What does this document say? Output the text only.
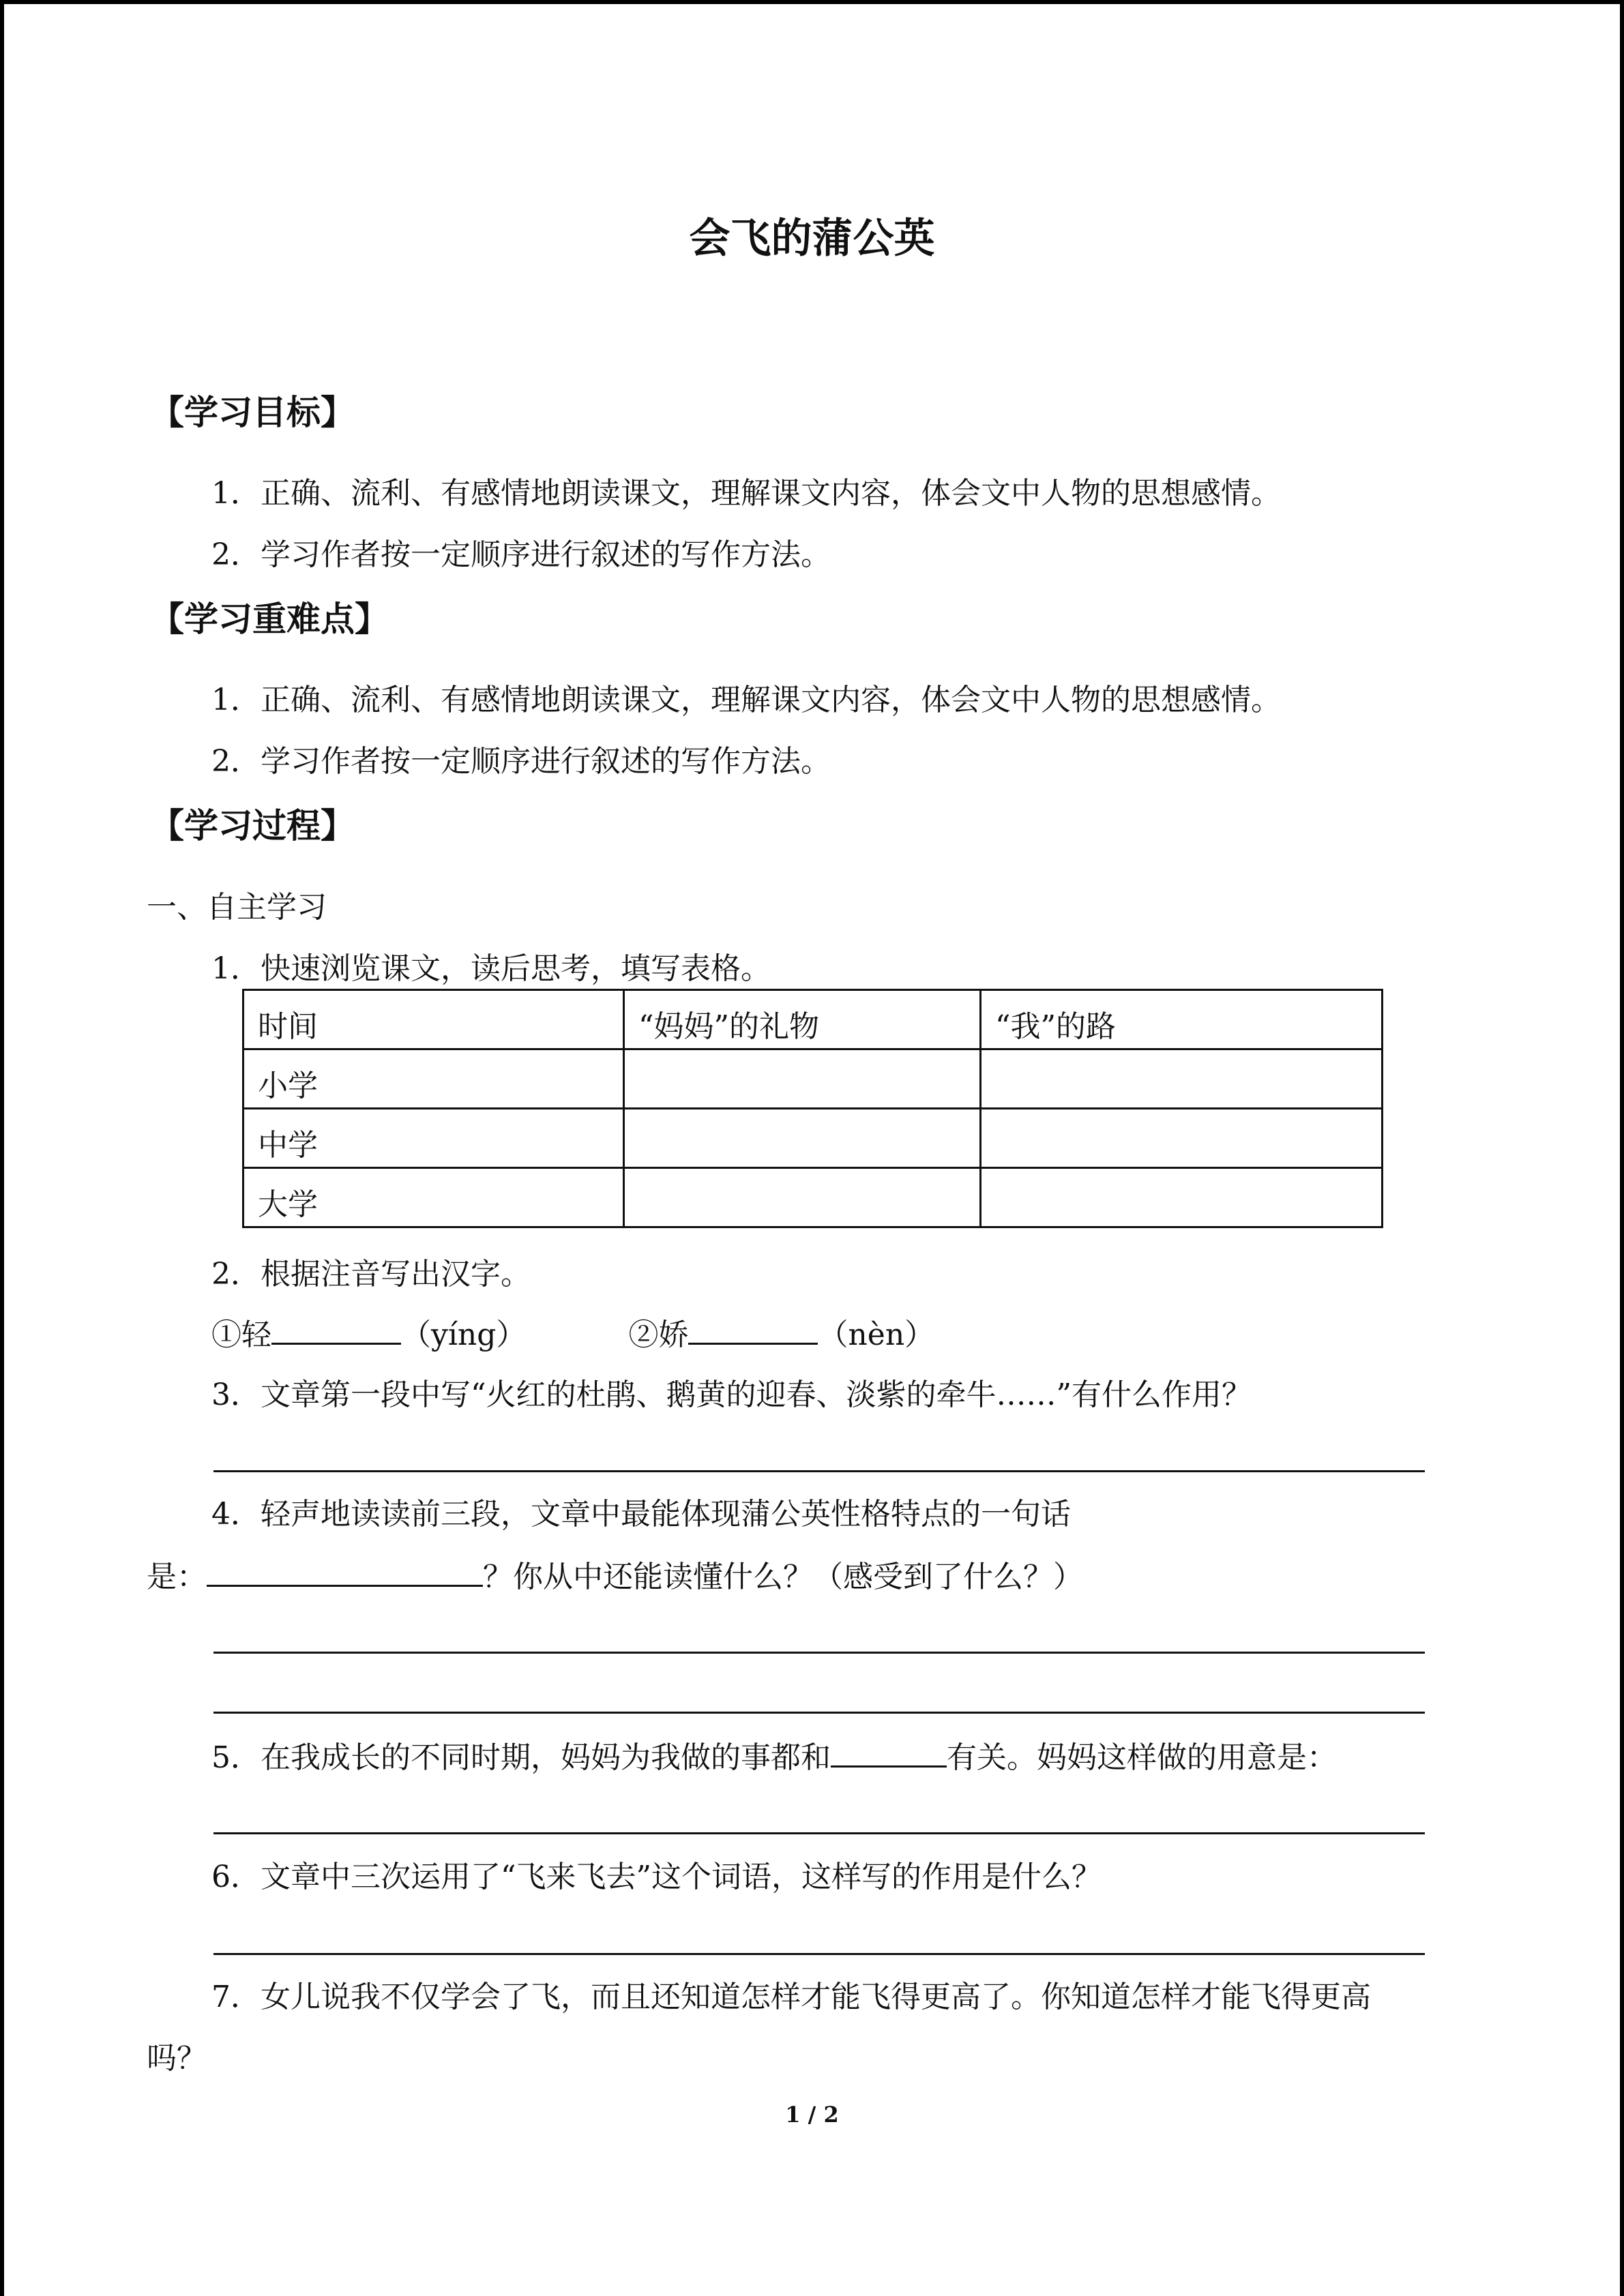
会飞的蒲公英
【学习目标】
1．正确、流利、有感情地朗读课文，理解课文内容，体会文中人物的思想感情。
2．学习作者按一定顺序进行叙述的写作方法。
【学习重难点】
1．正确、流利、有感情地朗读课文，理解课文内容，体会文中人物的思想感情。
2．学习作者按一定顺序进行叙述的写作方法。
【学习过程】
一、自主学习
1．快速浏览课文，读后思考，填写表格。
时间	“妈妈”的礼物	“我”的路
小学		
中学		
大学		
2．根据注音写出汉字。
①轻	（yíng）	②娇	（nèn）
3．文章第一段中写“火红的杜鹃、鹅黄的迎春、淡紫的牵牛……”有什么作用？
4．轻声地读读前三段，文章中最能体现蒲公英性格特点的一句话
是：	？你从中还能读懂什么？（感受到了什么？）
5．在我成长的不同时期，妈妈为我做的事都和	有关。妈妈这样做的用意是：
6．文章中三次运用了“飞来飞去”这个词语，这样写的作用是什么？
7．女儿说我不仅学会了飞，而且还知道怎样才能飞得更高了。你知道怎样才能飞得更高
吗？
1 / 2
